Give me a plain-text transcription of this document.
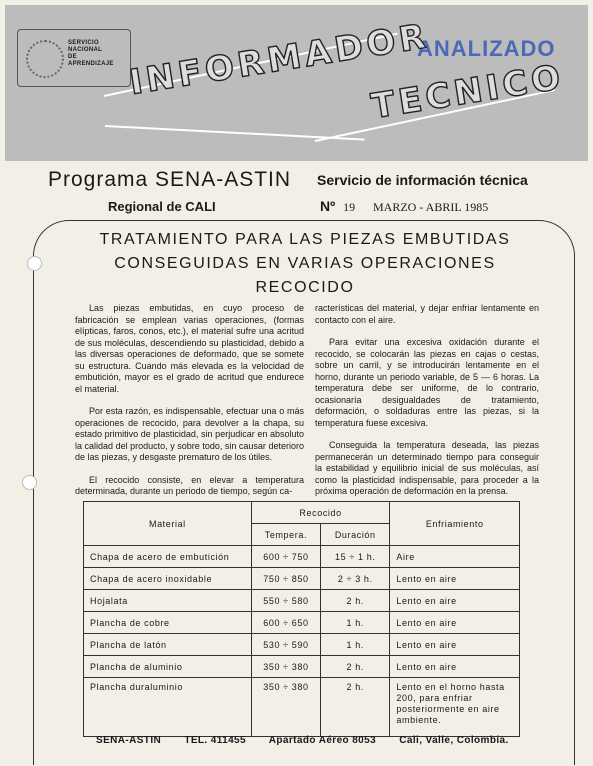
SERVICIO
NACIONAL
DE
APRENDIZAJE
ANALIZADO
INFORMADOR
TECNICO
Programa SENA-ASTIN Servicio de información técnica
Regional de CALI	Nº 19 MARZO - ABRIL 1985
TRATAMIENTO PARA LAS PIEZAS EMBUTIDAS
CONSEGUIDAS EN VARIAS OPERACIONES
RECOCIDO

Las piezas embutidas, en cuyo proceso de fabricación se emplean varias operaciones, (formas elípticas, faros, conos, etc.), el material sufre una acritud de sus moléculas, descendiendo su plasticidad, debido a las diversas operaciones de deformado, que se somete su estructura. Cuando más elevada es la velocidad de embutición, mayor es el grado de acritud que endurece el material.

Por esta razón, es indispensable, efectuar una o más operaciones de recocido, para devolver a la chapa, su estado primitivo de plasticidad, sin perjudicar en absoluto la calidad del producto, y sobre todo, sin causar deterioro de las piezas, y desgaste prematuro de los útiles.

El recocido consiste, en elevar a temperatura determinada, durante un periodo de tiempo, según ca-

racterísticas del material, y dejar enfriar lentamente en contacto con el aire.

Para evitar una excesiva oxidación durante el recocido, se colocarán las piezas en cajas o cestas, sobre un carril, y se introducirán lentamente en el horno, durante un periodo variable, de 5 — 6 horas. La temperatura debe ser uniforme, de lo contrario, ocasionaría desigualdades de tratamiento, deformación, o soldaduras entre las piezas, si la temperatura fuese excesiva.

Conseguida la temperatura deseada, las piezas permanecerán un determinado tiempo para conseguir la estabilidad y equilibrio inicial de sus moléculas, así como la plasticidad indispensable, para proceder a la próxima operación de deformación en la prensa.

Material	Recocido		Enfriamiento
	Tempera.	Duración	
Chapa de acero de embutición	600 ÷ 750	15 ÷ 1 h.	Aire
Chapa de acero inoxidable	750 ÷ 850	2 ÷ 3 h.	Lento en aire
Hojalata	550 ÷ 580	2 h.	Lento en aire
Plancha de cobre	600 ÷ 650	1 h.	Lento en aire
Plancha de latón	530 ÷ 590	1 h.	Lento en aire
Plancha de aluminio	350 ÷ 380	2 h.	Lento en aire
Plancha duraluminio	350 ÷ 380	2 h.	Lento en el horno hasta 200, para enfriar posteriormente en aire ambiente.
SENA-ASTIN TEL. 411455 Apartado Aéreo 8053 Cali, Valle, Colombia.
